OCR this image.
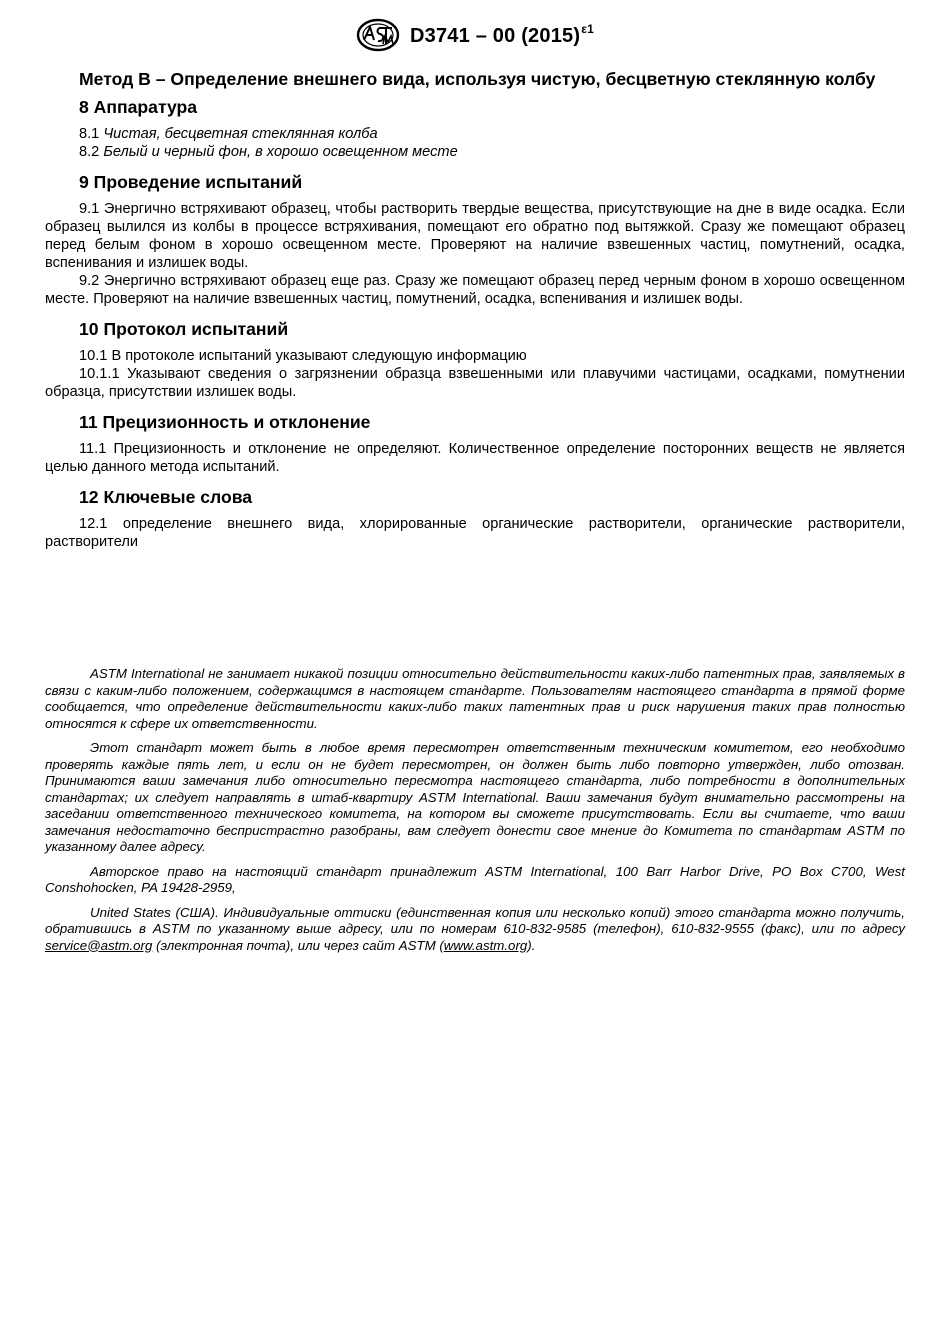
D3741 – 00 $(2015)^{\varepsilon 1}$

Метод В – Определение внешнего вида, используя чистую, бесцветную стеклянную колбу

8 Аппаратура

8.1 Чистая, бесцветная стеклянная колба

8.2 Белый и черный фон, в хорошо освещенном месте

9 Проведение испытаний

9.1 Энергично встряхивают образец, чтобы растворить твердые вещества, присутствующие на дне в виде осадка. Если образец вылился из колбы в процессе встряхивания, помещают его обратно под вытяжкой. Сразу же помещают образец перед белым фоном в хорошо освещенном месте. Проверяют на наличие взвешенных частиц, помутнений, осадка, вспенивания и излишек воды.

9.2 Энергично встряхивают образец еще раз. Сразу же помещают образец перед черным фоном в хорошо освещенном месте. Проверяют на наличие взвешенных частиц, помутнений, осадка, вспенивания и излишек воды.

10 Протокол испытаний

10.1 В протоколе испытаний указывают следующую информацию

10.1.1 Указывают сведения о загрязнении образца взвешенными или плавучими частицами, осадками, помутнении образца, присутствии излишек воды.

11 Прецизионность и отклонение

11.1 Прецизионность и отклонение не определяют. Количественное определение посторонних веществ не является целью данного метода испытаний.

12 Ключевые слова

12.1 определение внешнего вида, хлорированные органические растворители, органические растворители, растворители

ASTM International не занимает никакой позиции относительно действительности каких-либо патентных прав, заявляемых в связи с каким-либо положением, содержащимся в настоящем стандарте. Пользователям настоящего стандарта в прямой форме сообщается, что определение действительности каких-либо таких патентных прав и риск нарушения таких прав полностью относятся к сфере их ответственности.

Этот стандарт может быть в любое время пересмотрен ответственным техническим комитетом, его необходимо проверять каждые пять лет, и если он не будет пересмотрен, он должен быть либо повторно утвержден, либо отозван. Принимаются ваши замечания либо относительно пересмотра настоящего стандарта, либо потребности в дополнительных стандартах; их следует направлять в штаб-квартиру ASTM International. Ваши замечания будут внимательно рассмотрены на заседании ответственного технического комитета, на котором вы сможете присутствовать. Если вы считаете, что ваши замечания недостаточно беспристрастно разобраны, вам следует донести свое мнение до Комитета по стандартам ASTM по указанному далее адресу.

Авторское право на настоящий стандарт принадлежит ASTM International, 100 Barr Harbor Drive, PO Box C700, West Conshohocken, PA 19428-2959,

United States (США). Индивидуальные оттиски (единственная копия или несколько копий) этого стандарта можно получить, обратившись в ASTM по указанному выше адресу, или по номерам 610-832-9585 (телефон), 610-832-9555 (факс), или по адресу service@astm.org (электронная почта), или через сайт ASTM (www.astm.org).
